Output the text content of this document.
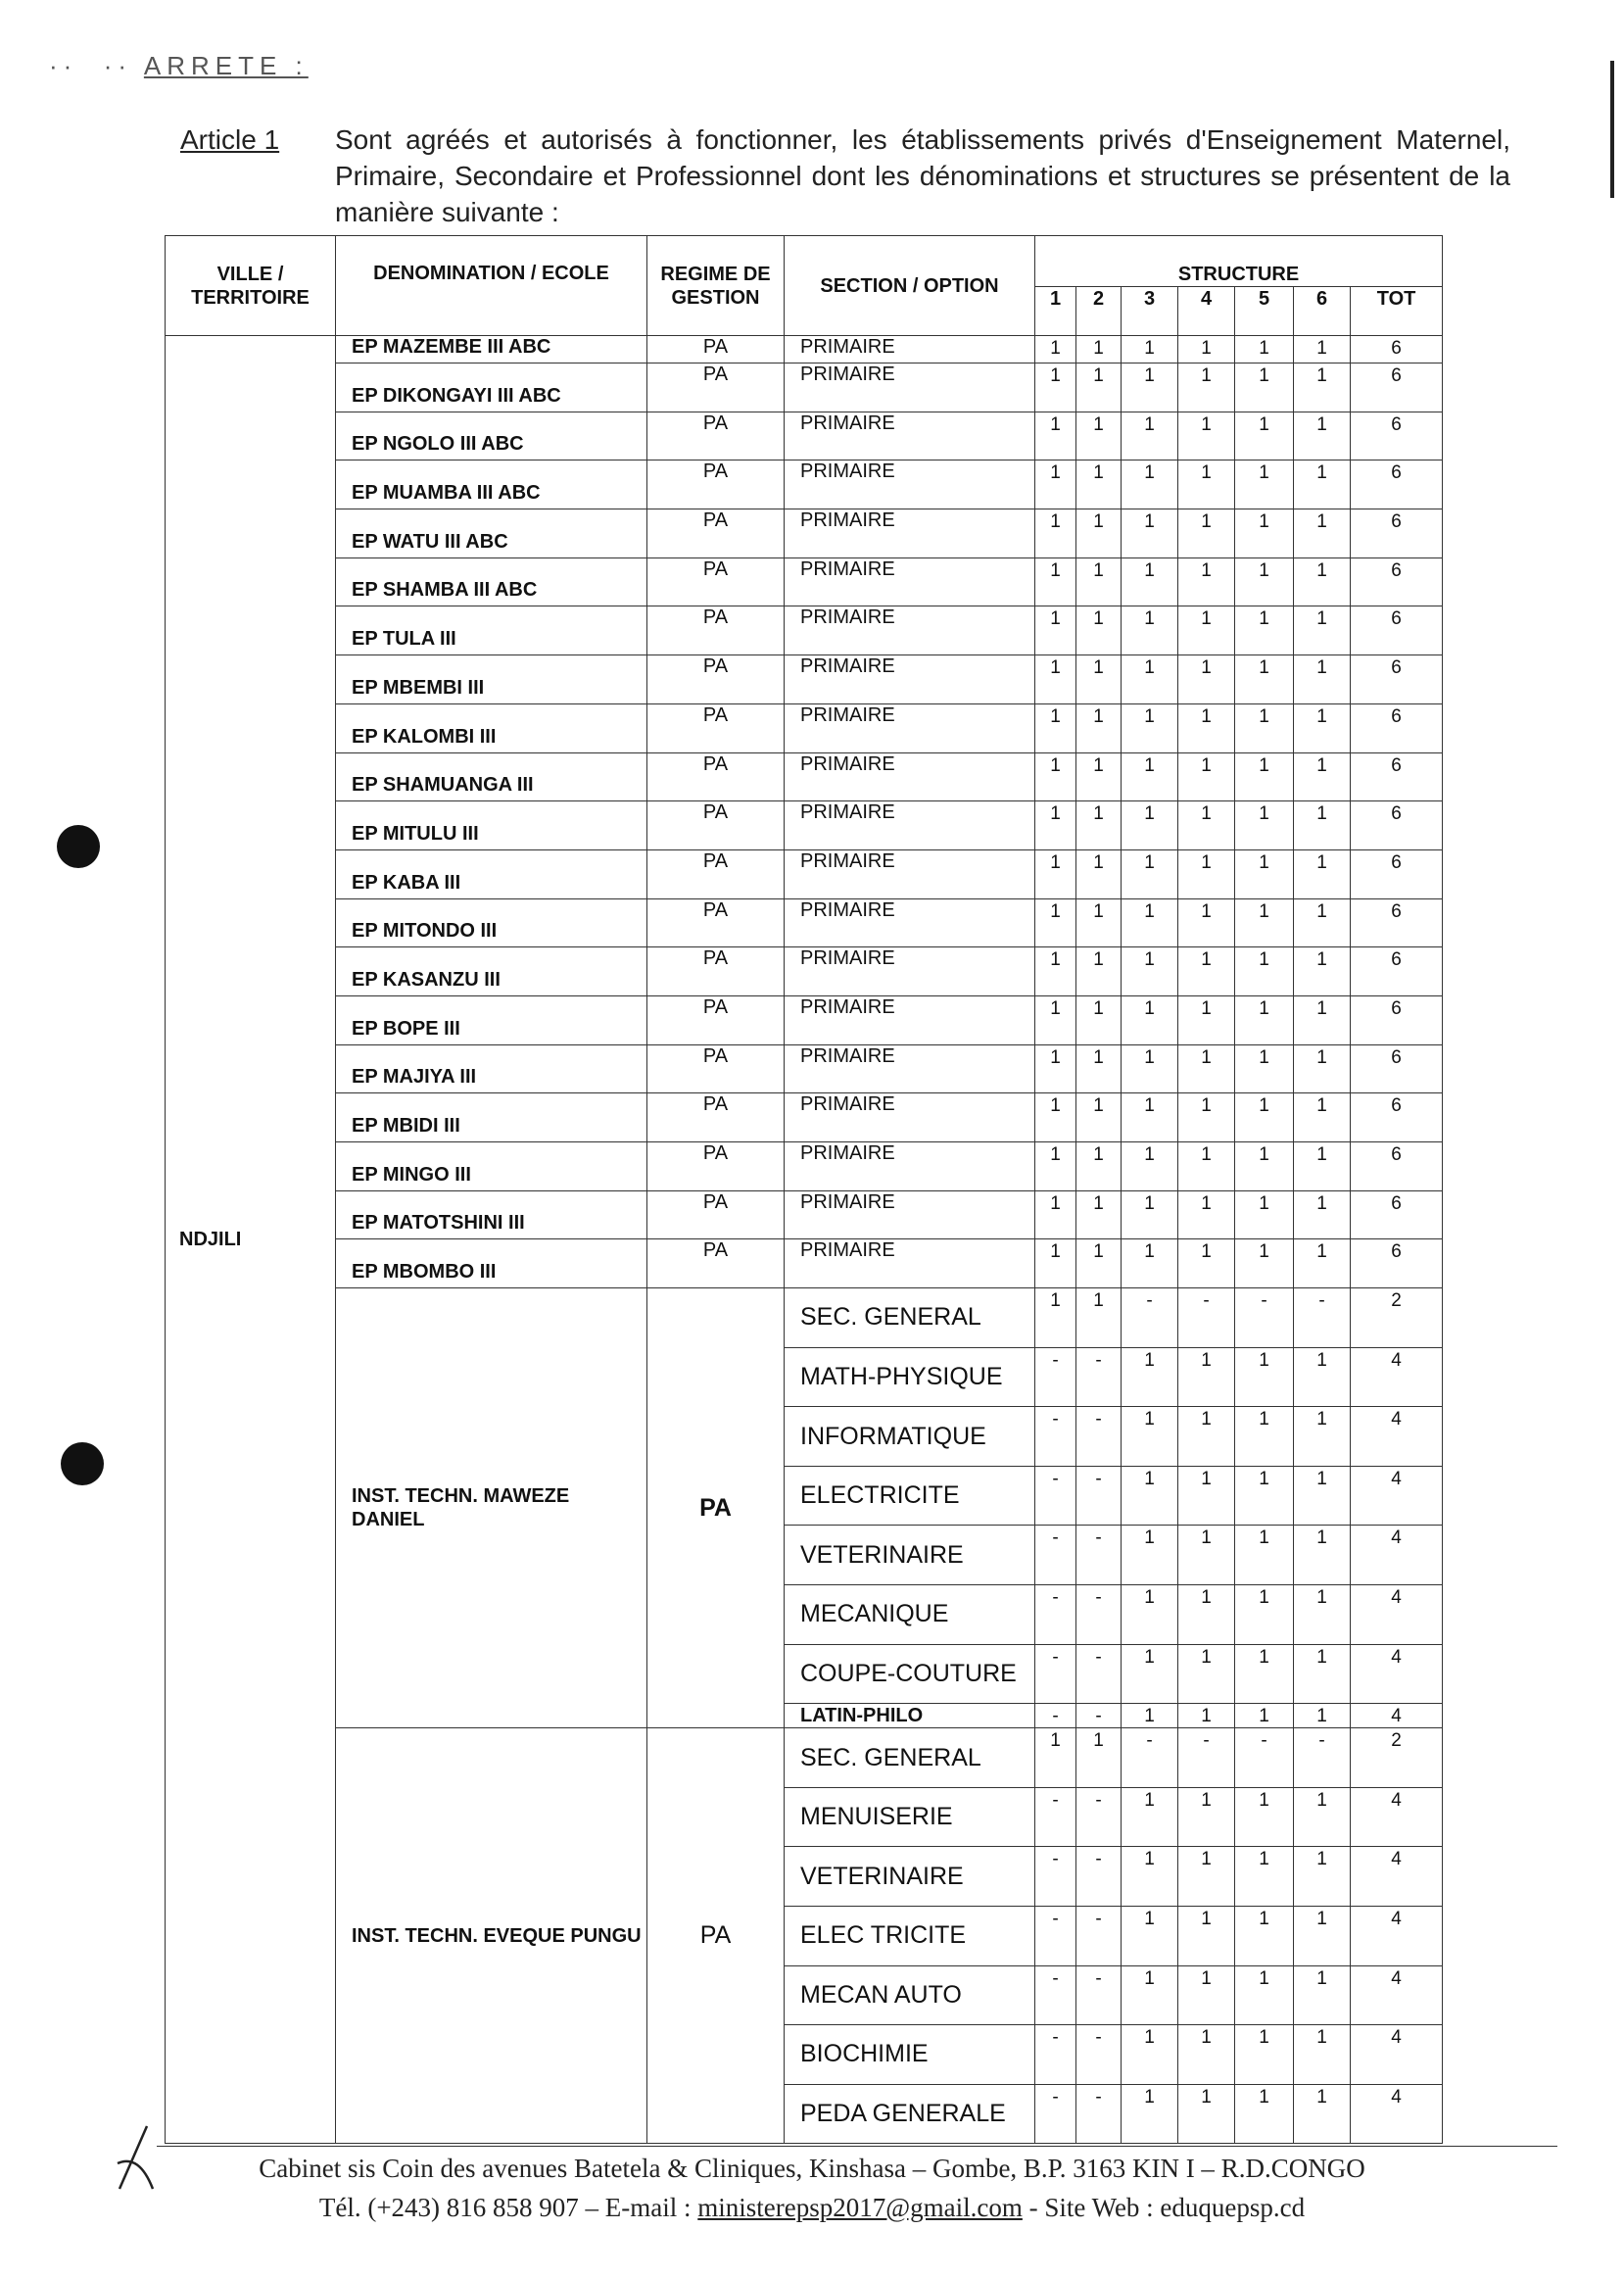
··  ·· ARRETE :
Article 1 Sont agréés et autorisés à fonctionner, les établissements privés d'Enseignement Maternel, Primaire, Secondaire et Professionnel dont les dénominations et structures se présentent de la manière suivante :
VILLE / TERRITOIRE	DENOMINATION / ECOLE	REGIME DE GESTION	SECTION / OPTION	STRUCTURE						
				1	2	3	4	5	6	TOT
NDJILI	EP MAZEMBE III ABC	PA	PRIMAIRE	1	1	1	1	1	1	6
	EP DIKONGAYI III ABC	PA	PRIMAIRE	1	1	1	1	1	1	6
	EP NGOLO III ABC	PA	PRIMAIRE	1	1	1	1	1	1	6
	EP MUAMBA III ABC	PA	PRIMAIRE	1	1	1	1	1	1	6
	EP WATU III ABC	PA	PRIMAIRE	1	1	1	1	1	1	6
	EP SHAMBA III ABC	PA	PRIMAIRE	1	1	1	1	1	1	6
	EP TULA III	PA	PRIMAIRE	1	1	1	1	1	1	6
	EP MBEMBI III	PA	PRIMAIRE	1	1	1	1	1	1	6
	EP KALOMBI III	PA	PRIMAIRE	1	1	1	1	1	1	6
	EP SHAMUANGA III	PA	PRIMAIRE	1	1	1	1	1	1	6
	EP MITULU III	PA	PRIMAIRE	1	1	1	1	1	1	6
	EP KABA III	PA	PRIMAIRE	1	1	1	1	1	1	6
	EP MITONDO III	PA	PRIMAIRE	1	1	1	1	1	1	6
	EP KASANZU III	PA	PRIMAIRE	1	1	1	1	1	1	6
	EP BOPE III	PA	PRIMAIRE	1	1	1	1	1	1	6
	EP MAJIYA III	PA	PRIMAIRE	1	1	1	1	1	1	6
	EP MBIDI III	PA	PRIMAIRE	1	1	1	1	1	1	6
	EP MINGO III	PA	PRIMAIRE	1	1	1	1	1	1	6
	EP MATOTSHINI III	PA	PRIMAIRE	1	1	1	1	1	1	6
	EP MBOMBO III	PA	PRIMAIRE	1	1	1	1	1	1	6
	INST. TECHN. MAWEZE DANIEL	PA	SEC. GENERAL	1	1	-	-	-	-	2
			MATH-PHYSIQUE	-	-	1	1	1	1	4
			INFORMATIQUE	-	-	1	1	1	1	4
			ELECTRICITE	-	-	1	1	1	1	4
			VETERINAIRE	-	-	1	1	1	1	4
			MECANIQUE	-	-	1	1	1	1	4
			COUPE-COUTURE	-	-	1	1	1	1	4
			LATIN-PHILO	-	-	1	1	1	1	4
	INST. TECHN. EVEQUE PUNGU	PA	SEC. GENERAL	1	1	-	-	-	-	2
			MENUISERIE	-	-	1	1	1	1	4
			VETERINAIRE	-	-	1	1	1	1	4
			ELEC TRICITE	-	-	1	1	1	1	4
			MECAN AUTO	-	-	1	1	1	1	4
			BIOCHIMIE	-	-	1	1	1	1	4
			PEDA GENERALE	-	-	1	1	1	1	4
Cabinet sis Coin des avenues Batetela & Cliniques, Kinshasa – Gombe, B.P. 3163 KIN I – R.D.CONGO
Tél. (+243) 816 858 907 – E-mail : ministerepsp2017@gmail.com - Site Web : eduquepsp.cd
